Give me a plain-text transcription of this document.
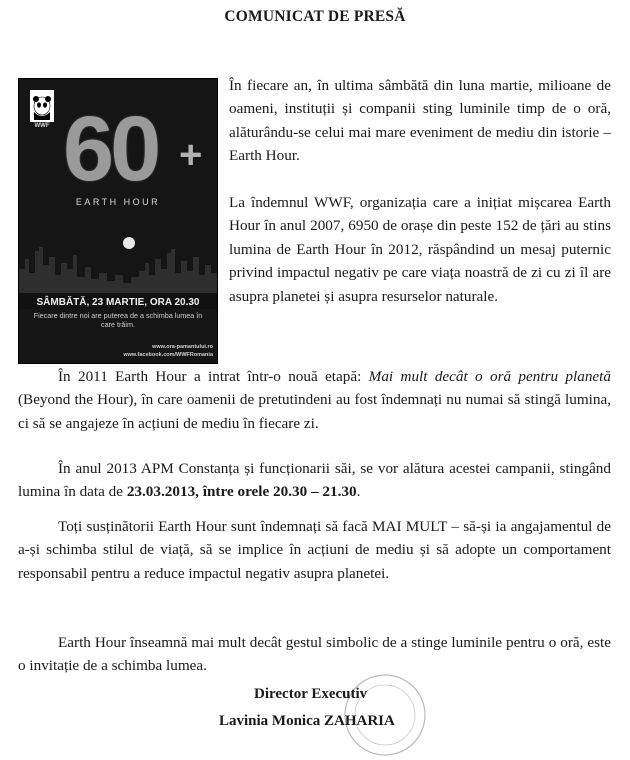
COMUNICAT DE PRESĂ
WWF 60 +
EARTH HOUR
SÂMBĂTĂ, 23 MARTIE, ORA 20.30
Fiecare dintre noi are puterea de a schimba lumea în care trăim.
www.ora-pamantului.ro
www.facebook.com/WWFRomania

În fiecare an, în ultima sâmbătă din luna martie, milioane de oameni, instituții și companii sting luminile timp de o oră, alăturându-se celui mai mare eveniment de mediu din istorie – Earth Hour.

La îndemnul WWF, organizația care a inițiat mișcarea Earth Hour în anul 2007, 6950 de orașe din peste 152 de țări au stins lumina de Earth Hour în 2012, răspândind un mesaj puternic privind impactul negativ pe care viața noastră de zi cu zi îl are asupra planetei și asupra resurselor naturale.

În 2011 Earth Hour a intrat într-o nouă etapă: Mai mult decât o oră pentru planetă (Beyond the Hour), în care oamenii de pretutindeni au fost îndemnați nu numai să stingă lumina, ci să se angajeze în acțiuni de mediu în fiecare zi.

În anul 2013 APM Constanța și funcționarii săi, se vor alătura acestei campanii, stingând lumina în data de 23.03.2013, între orele 20.30 – 21.30.

Toți susținătorii Earth Hour sunt îndemnați să facă MAI MULT – să-și ia angajamentul de a-și schimba stilul de viață, să se implice în acțiuni de mediu și să adopte un comportament responsabil pentru a reduce impactul negativ asupra planetei.

Earth Hour înseamnă mai mult decât gestul simbolic de a stinge luminile pentru o oră, este o invitație de a schimba lumea.

Director Executiv
Lavinia Monica ZAHARIA
